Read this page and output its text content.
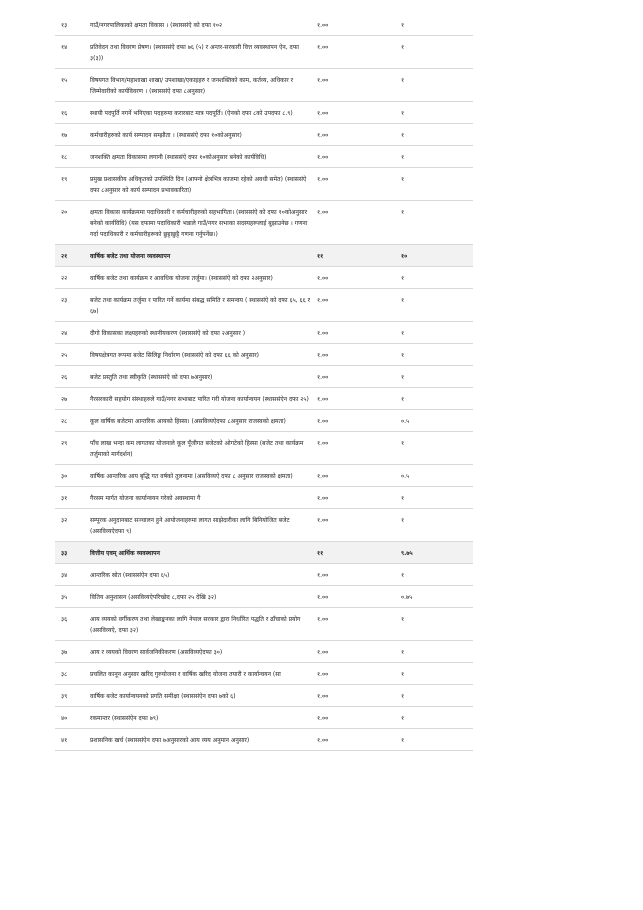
१३	गाउँ/नगरपालिकाको क्षमता विकास । (स्थाससंऐ को दफा १०२	१.००	१
१४	प्रतिवेदन तथा विवरण प्रेषण। (स्थाससंऐ दफा ७६ (५) र अन्तर-सरकारी वित्त व्यवस्थापन ऐन, दफा ३(३))	१.००	१
१५	विषयगत विभाग/महाशाखा शाखा/ उपशाखा/एकाइहरु र जनशक्तिको काम, कर्तव्य, अधिकार र जिम्मेवारीको कार्यविवरण । (स्थाससंऐ दफा ८अनुसार)	१.००	१
१६	स्थायी पदपूर्ति नगर्ने भनिएका पदहरुमा करारबाट मात्र पदपूर्ति। (ऐनको दफा ८को उपदफा ८.९)	१.००	१
१७	कर्मचारीहरुको कार्य सम्पादन सम्झौता । (स्थाससंऐ दफा १०कोअनुसार)	१.००	१
१८	जनशक्ति क्षमता विकासमा लगानी (स्थाससंऐ दफा १०कोअनुसार बनेको कार्यविधि)	१.००	१
१९	प्रमुख प्रशासकीय अधिकृतको उपस्थिति दिन (आफ्नो क्षेत्रभित्र काजमा रहेको अवधी समेत) (स्थाससंऐ दफा ८अनुसार को कार्य सम्पादन प्रभावकारिता)	१.००	१
२०	क्षमता विकास कार्यक्रममा पदाधिकारी र कर्मचारीहरुको सहभागिता। (स्थाससंऐ को दफा १०कोअनुसार बनेको कार्यविधि) (यस दफामा पदाधिकारी भन्नाले गाउँ/नगर सभाका सदस्यहरूलाई बुझाउनेछ । गणना गर्दा पदाधिकारी र कर्मचारीहरूको छुट्टाछुट्टै गणना गर्नुपर्नेछ।)	१.००	१
२१	वार्षिक बजेट तथा योजना व्यवस्थापन	११	१०
२२	वार्षिक बजेट तथा कार्यक्रम र आवधिक योजना तर्जुमा। (स्थाससंऐ को दफा २अनुसार)	१.००	१
२३	बजेट तथा कार्यक्रम तर्जुमा र पारित गर्ने कार्यमा संबद्ध समिति र समन्वय ( स्थाससंऐ को दफा ६५, ६६ र ६७)	१.००	१
२४	दीगो विकासका लक्ष्यहरुको स्थानीयकरण (स्थाससंऐ को दफा २अनुसार )	१.००	१
२५	विषयक्षेत्रगत रूपमा बजेट सिलिङ्ग निर्धारण (स्थाससंऐ को दफा ६६ को अनुसार)	१.००	१
२६	बजेट प्रस्तुति तथा स्वीकृति (स्थाससंऐ को दफा ७अनुसार)	१.००	१
२७	गैरसरकारी सहयोग संस्थाहरुले गाउँ/नगर सभाबाट पारित गरी योजना कार्यान्वयन (स्थाससंऐन दफा २५)	१.००	१
२८	कूल वार्षिक बजेटमा आन्तरिक आयको हिस्सा। (असविव्यऐदफा ८अनुसार राजस्वको क्षमता)	१.००	०.५
२९	पाँच लाख भन्दा कम लागतका योजनाले कूल पूँजीगत बजेटको ओगटेको हिस्सा (बजेट तथा कार्यक्रम तर्जुमाको मार्गदर्शन)	१.००	१
३०	वार्षिक आन्तरिक आय बृद्धि गत वर्षको तुलनामा (असविव्यऐ दफा ८ अनुसार राजस्वको क्षमता)	१.००	०.५
३१	गैरसम मार्गत योजना कार्यान्वयन गरेको अवस्थामा गै	१.००	१
३२	सम्पूरक अनुदानबाट सञ्चालन हुने आयोजनाहरुमा लागत साझेदारीका लागि बिनियोजित बजेट (असविव्यऐदफा ९)	१.००	१
३३	वित्तीय एवम् आर्थिक व्यवस्थापन	११	९.७५
३४	आन्तरिक स्रोत (स्थाससंऐन दफा ६५)	१.००	१
३५	वितिय अनुशासन (असविव्यऐपरिच्छेद ८,दफा २५ देखि ३२)	१.००	०.७५
३६	आय व्ययको वर्गीकरण तथा लेखाङ्कनका लागि नेपाल सरकार द्वारा निर्धारित पद्धति र ढाँचाको प्रयोग (असविव्यऐ, दफा ३२)	१.००	१
३७	आय र व्ययको विवरण सार्वजनिकीकरण (असविव्यऐदफा ३०)	१.००	१
३८	प्रचलित कानून अनुसार खरिद गुरुयोजना र वार्षिक खरिद योजना तयारी र कार्यान्वयन (सा	१.००	१
३९	वार्षिक बजेट कार्यान्वयनको प्रगति समीक्षा (स्थाससंऐन दफा ७को ६)	१.००	१
४०	रकमान्तर (स्थाससंऐन दफा ७९)	१.००	१
४१	प्रशासनिक खर्च (स्थाससंऐन दफा ७अनुसारको आय व्यय अनुमान अनुसार)	१.००	१
